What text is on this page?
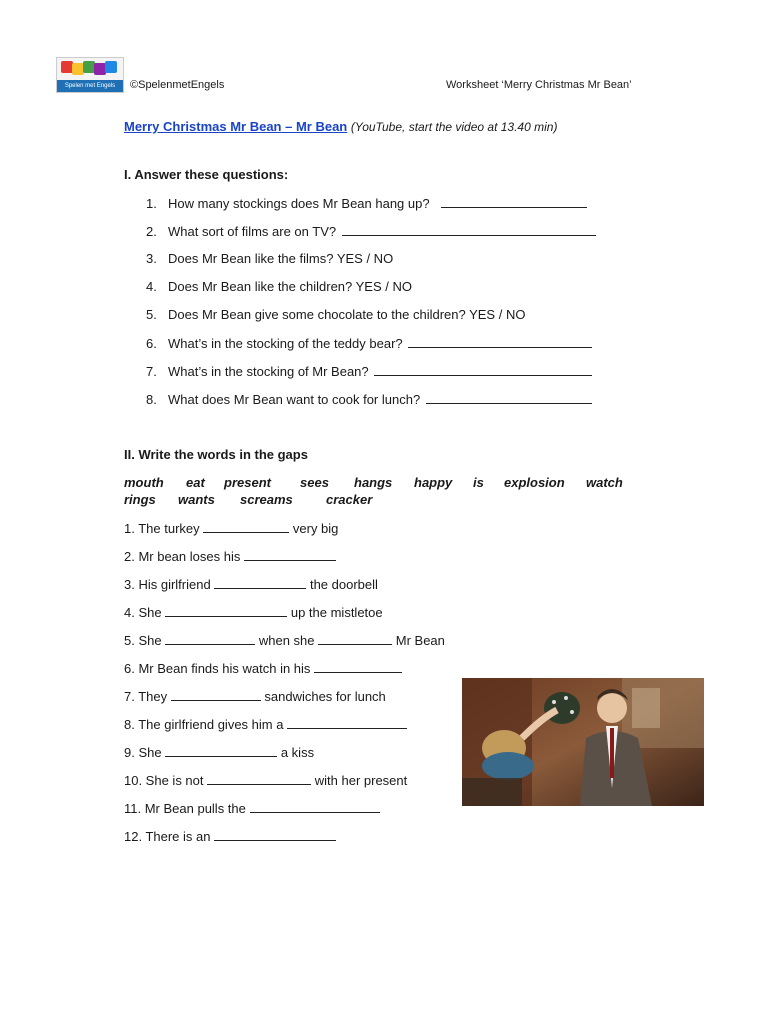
Spelen met Engels	©SpelenmetEngels	Worksheet ‘Merry Christmas Mr Bean’
Merry Christmas Mr Bean – Mr Bean (YouTube, start the video at 13.40 min)
I. Answer these questions:
1. How many stockings does Mr Bean hang up?
2. What sort of films are on TV?
3. Does Mr Bean like the films? YES / NO
4. Does Mr Bean like the children? YES / NO
5. Does Mr Bean give some chocolate to the children? YES / NO
6. What’s in the stocking of the teddy bear?
7. What’s in the stocking of Mr Bean?
8. What does Mr Bean want to cook for lunch?
II. Write the words in the gaps
mouth eat present sees hangs happy is explosion watch
rings wants screams	cracker
1. The turkey	very big
2. Mr bean loses his
3. His girlfriend	the doorbell
4. She	up the mistletoe
5. She	when she	Mr Bean
6. Mr Bean finds his watch in his
7. They	sandwiches for lunch
8. The girlfriend gives him a
9. She	a kiss
10. She is not	with her present
11. Mr Bean pulls the
12. There is an
